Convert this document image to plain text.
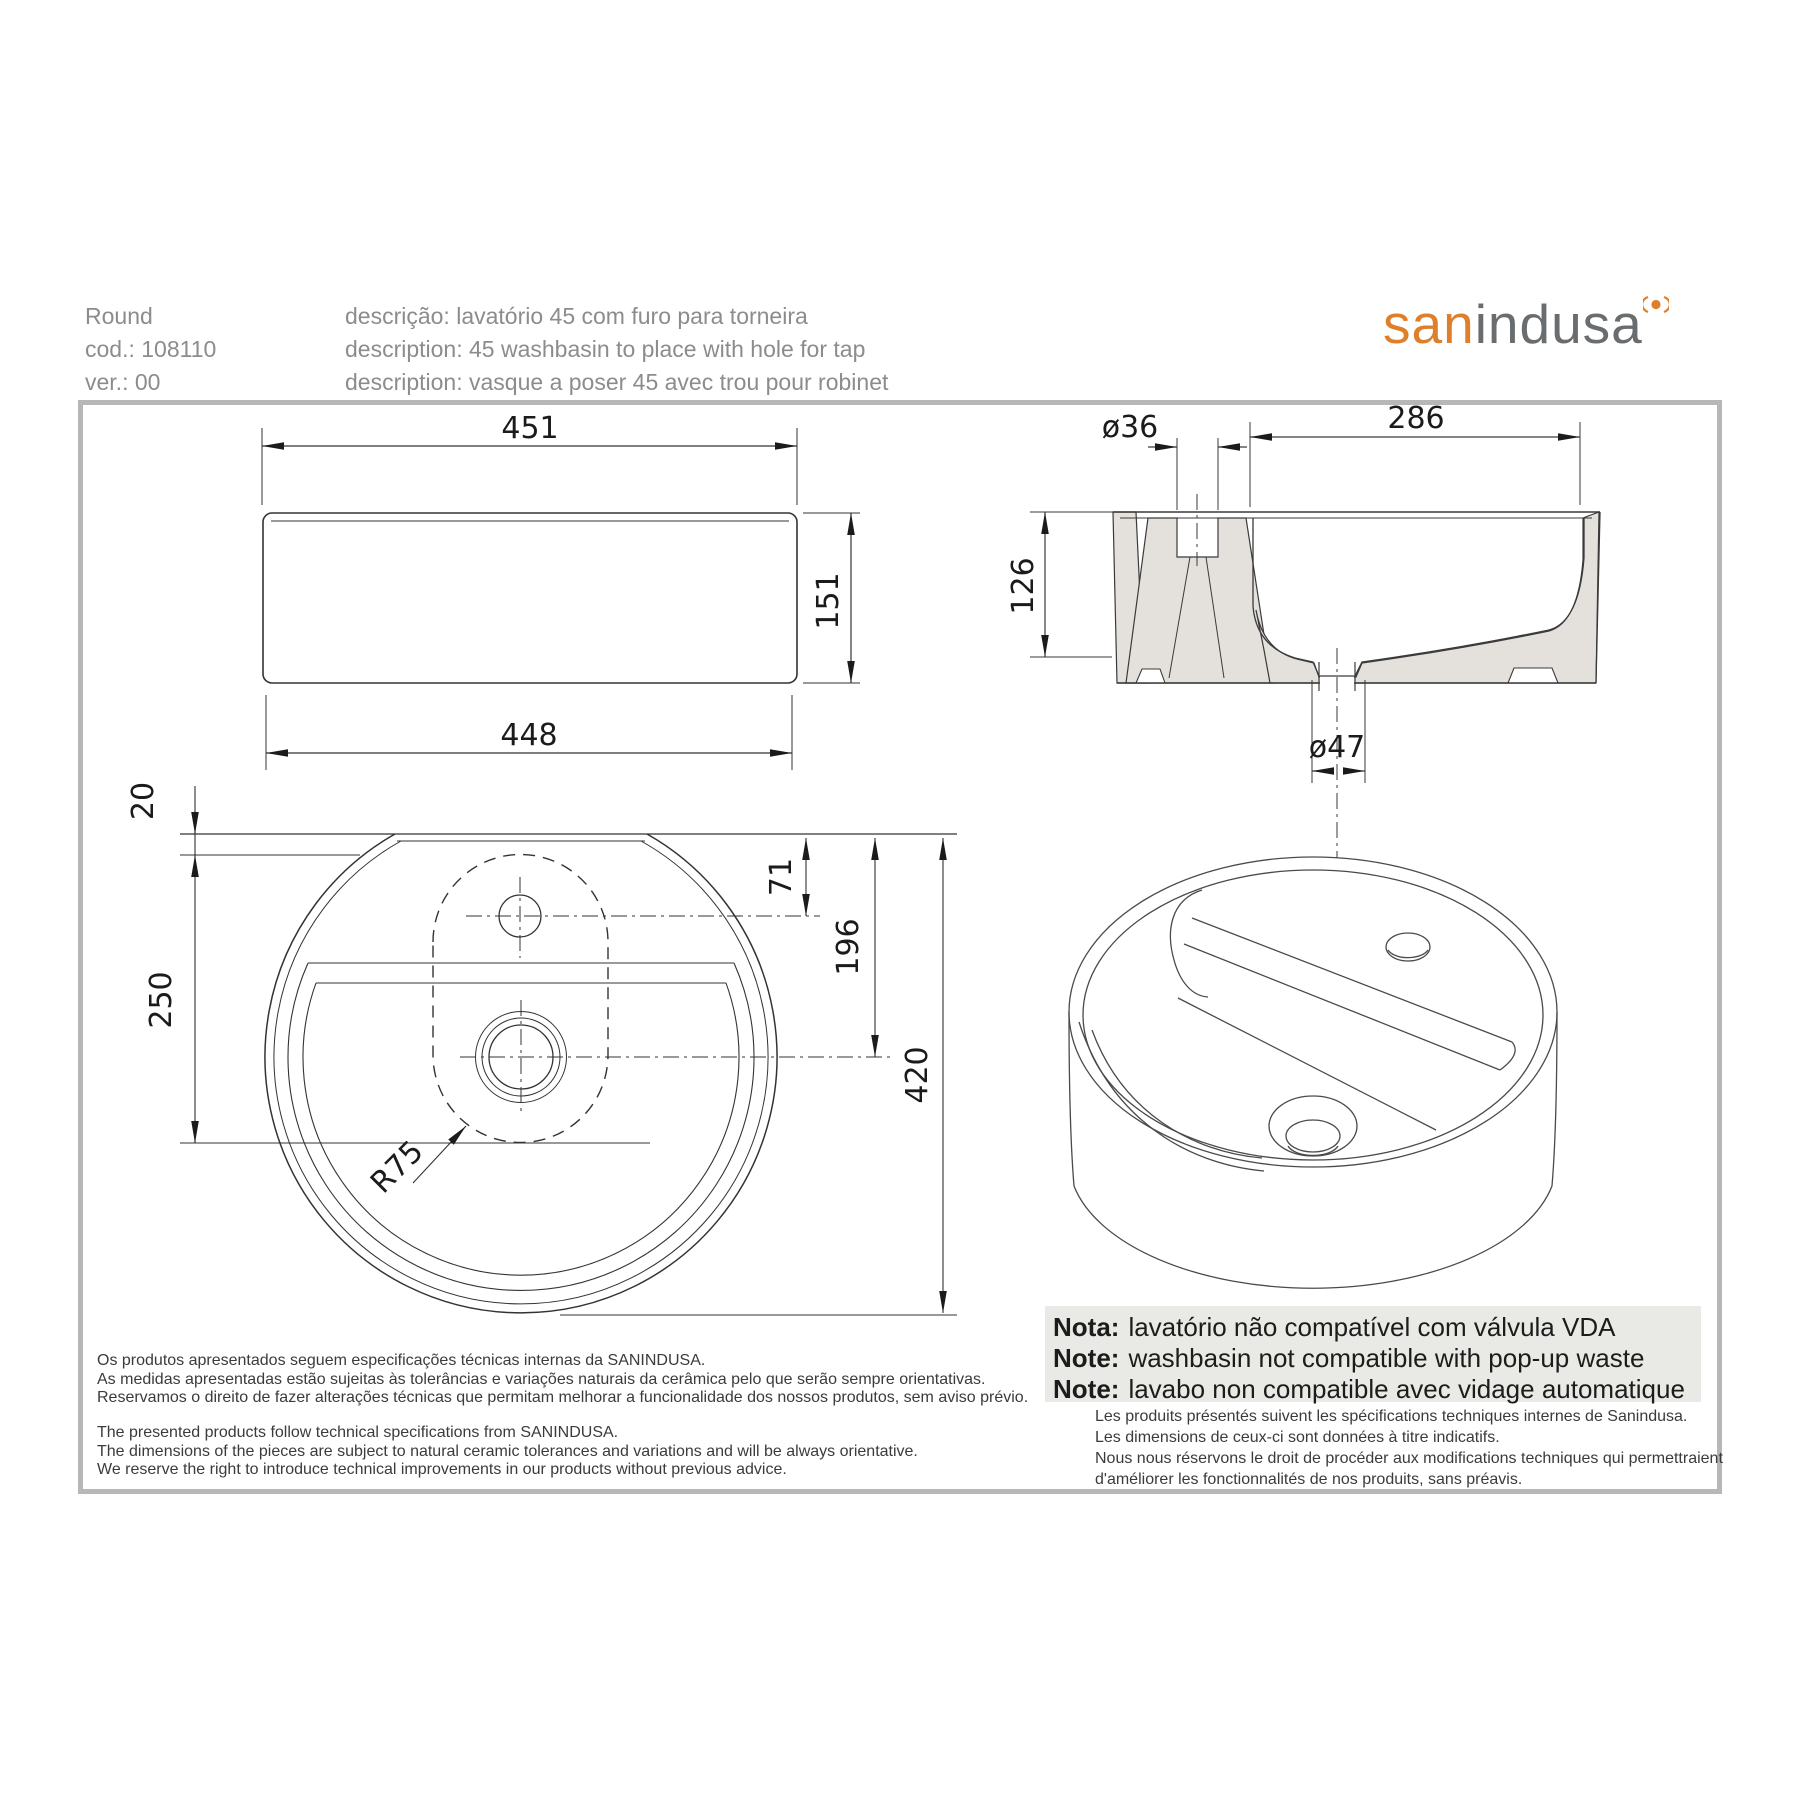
Round
cod.: 108110
ver.: 00
descrição: lavatório 45 com furo para torneira
description: 45 washbasin to place with hole for tap
description: vasque a poser 45 avec trou pour robinet
sanindusa
451
151
448
ø36	286
126
ø47
20
250
71
196
420
R75
Nota: lavatório não compatível com válvula VDA
Note: washbasin not compatible with pop-up waste
Note: lavabo non compatible avec vidage automatique
Os produtos apresentados seguem especificações técnicas internas da SANINDUSA.
As medidas apresentadas estão sujeitas às tolerâncias e variações naturais da cerâmica pelo que serão sempre orientativas.
Reservamos o direito de fazer alterações técnicas que permitam melhorar a funcionalidade dos nossos produtos, sem aviso prévio.
The presented products follow technical specifications from SANINDUSA.
The dimensions of the pieces are subject to natural ceramic tolerances and variations and will be always orientative.
We reserve the right to introduce technical improvements in our products without previous advice.
Les produits présentés suivent les spécifications techniques internes de Sanindusa.
Les dimensions de ceux-ci sont données à titre indicatifs.
Nous nous réservons le droit de procéder aux modifications techniques qui permettraient
d'améliorer les fonctionnalités de nos produits, sans préavis.
